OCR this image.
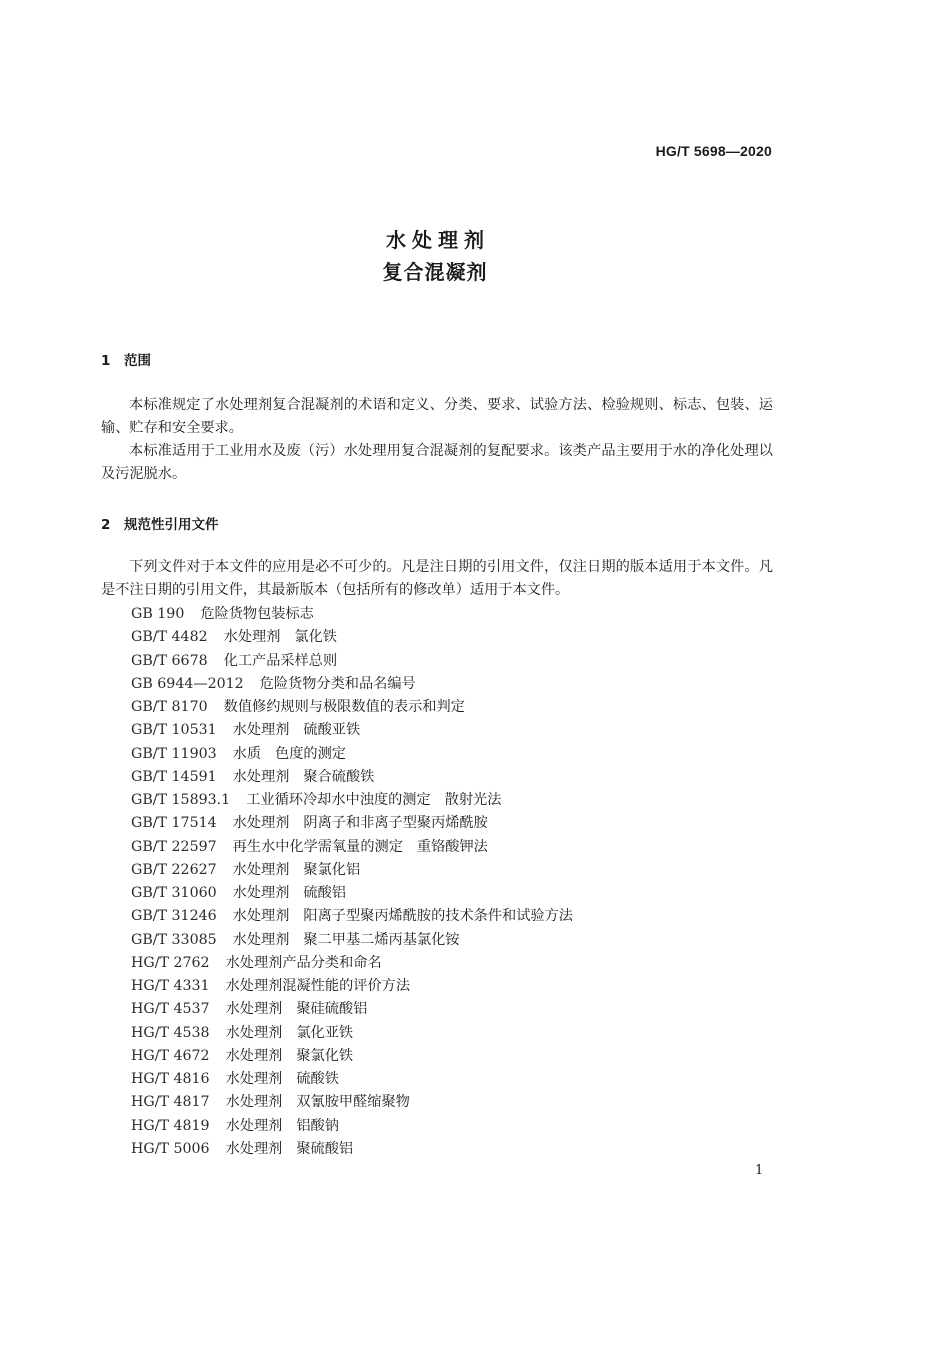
HG/T 5698—2020
水处理剂
复合混凝剂
1 范围
本标准规定了水处理剂复合混凝剂的术语和定义、分类、要求、试验方法、检验规则、标志、包装、运输、贮存和安全要求。
本标准适用于工业用水及废（污）水处理用复合混凝剂的复配要求。该类产品主要用于水的净化处理以及污泥脱水。
2 规范性引用文件
下列文件对于本文件的应用是必不可少的。凡是注日期的引用文件，仅注日期的版本适用于本文件。凡是不注日期的引用文件，其最新版本（包括所有的修改单）适用于本文件。
GB 190 危险货物包装标志
GB/T 4482 水处理剂 氯化铁
GB/T 6678 化工产品采样总则
GB 6944—2012 危险货物分类和品名编号
GB/T 8170 数值修约规则与极限数值的表示和判定
GB/T 10531 水处理剂 硫酸亚铁
GB/T 11903 水质 色度的测定
GB/T 14591 水处理剂 聚合硫酸铁
GB/T 15893.1 工业循环冷却水中浊度的测定 散射光法
GB/T 17514 水处理剂 阴离子和非离子型聚丙烯酰胺
GB/T 22597 再生水中化学需氧量的测定 重铬酸钾法
GB/T 22627 水处理剂 聚氯化铝
GB/T 31060 水处理剂 硫酸铝
GB/T 31246 水处理剂 阳离子型聚丙烯酰胺的技术条件和试验方法
GB/T 33085 水处理剂 聚二甲基二烯丙基氯化铵
HG/T 2762 水处理剂产品分类和命名
HG/T 4331 水处理剂混凝性能的评价方法
HG/T 4537 水处理剂 聚硅硫酸铝
HG/T 4538 水处理剂 氯化亚铁
HG/T 4672 水处理剂 聚氯化铁
HG/T 4816 水处理剂 硫酸铁
HG/T 4817 水处理剂 双氰胺甲醛缩聚物
HG/T 4819 水处理剂 铝酸钠
HG/T 5006 水处理剂 聚硫酸铝
1
